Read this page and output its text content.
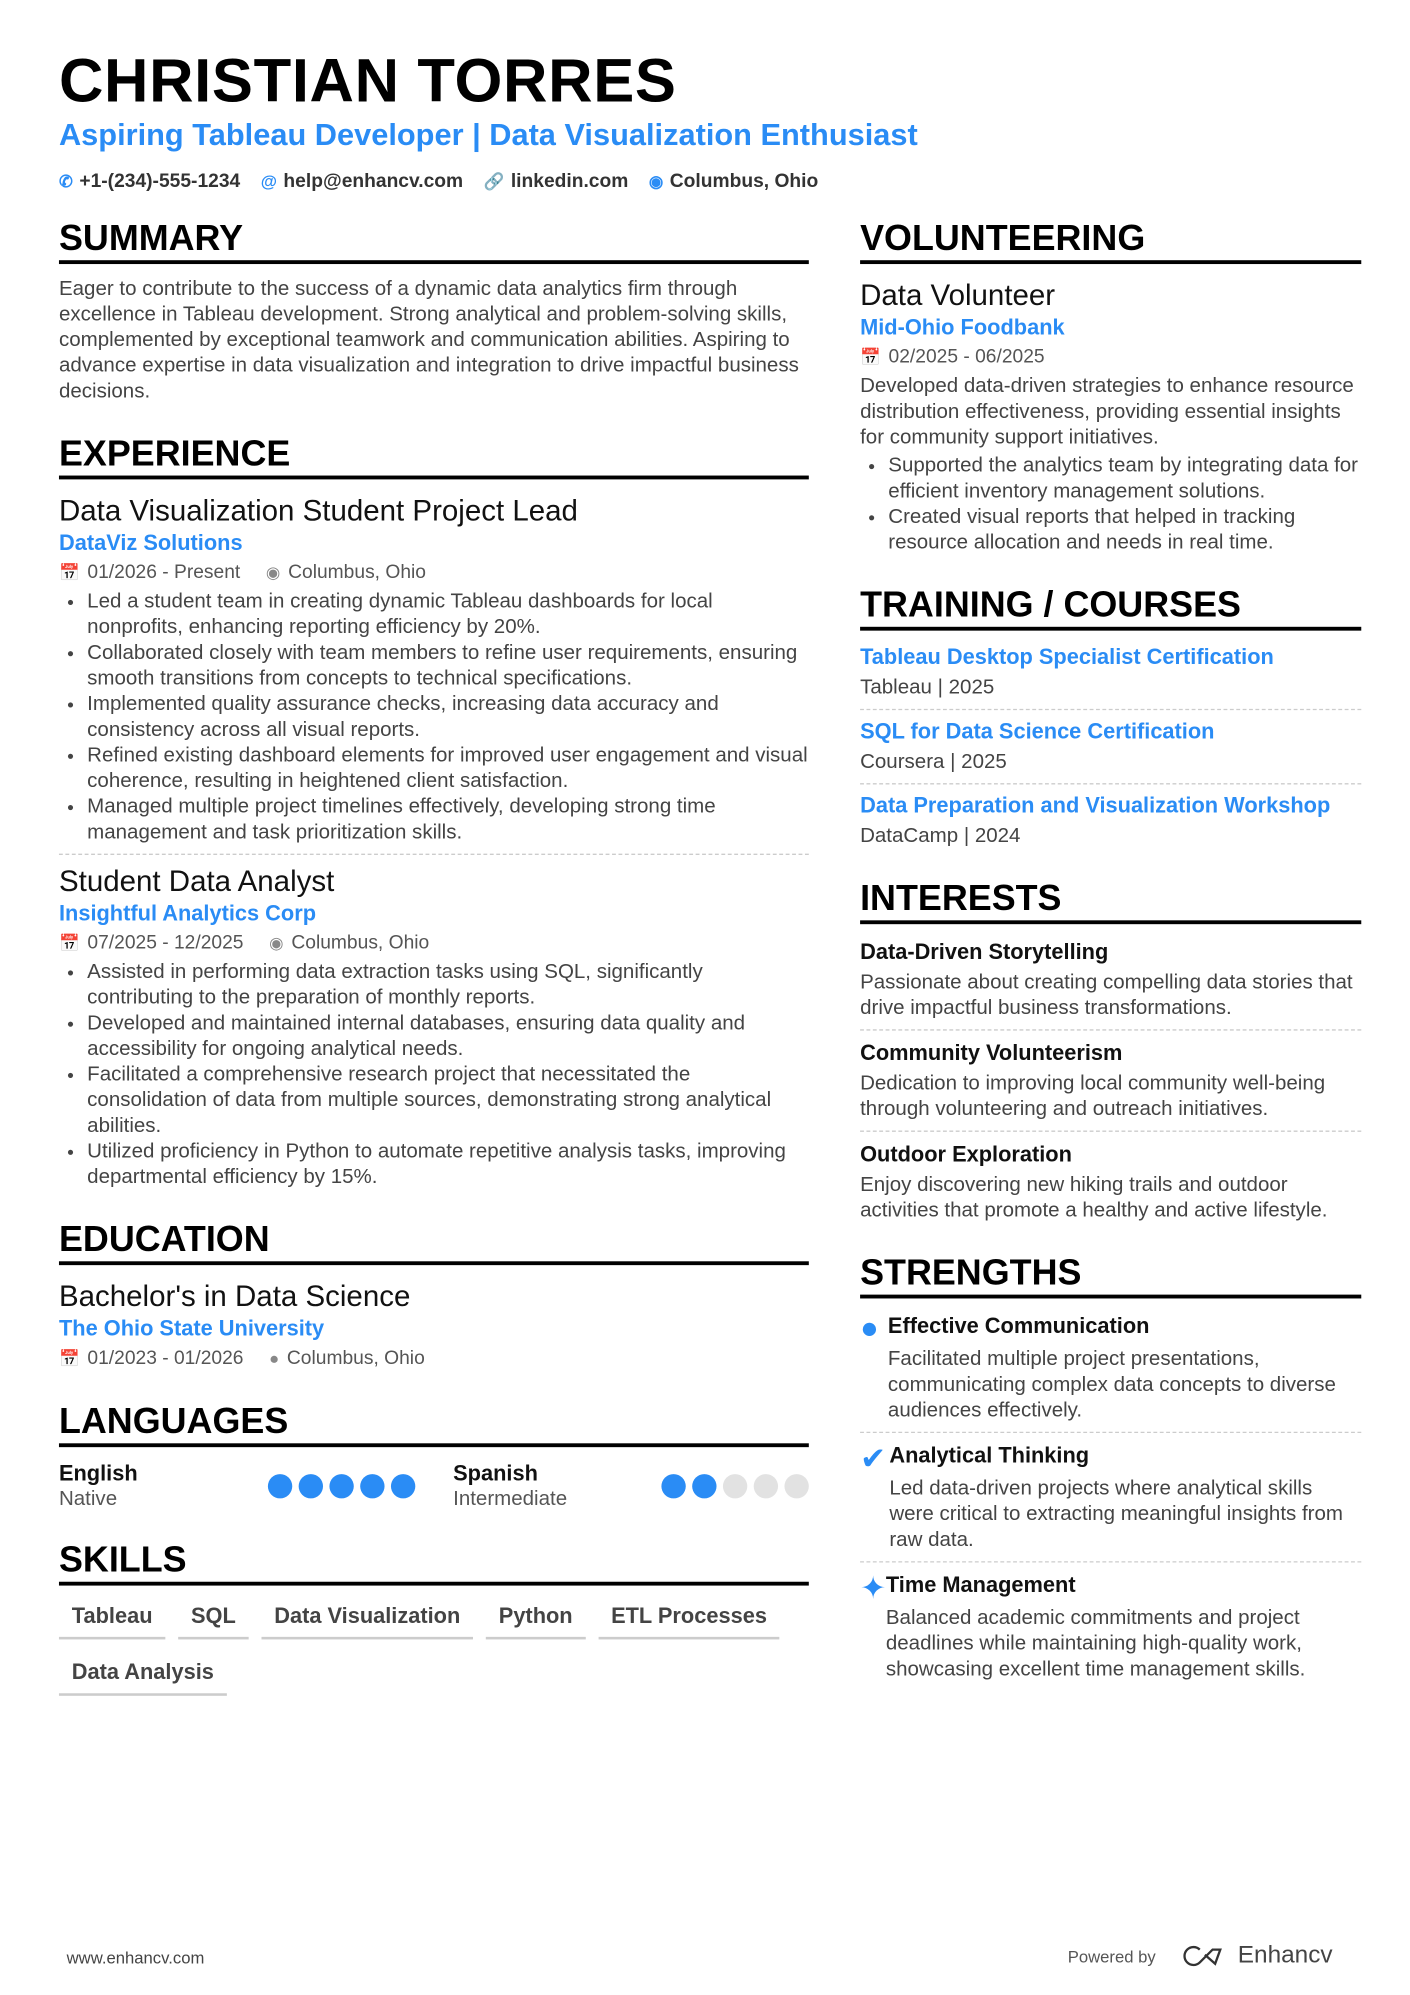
CHRISTIAN TORRES
Aspiring Tableau Developer | Data Visualization Enthusiast
✆ +1-(234)-555-1234 @ help@enhancv.com 🔗 linkedin.com ◉ Columbus, Ohio
SUMMARY
Eager to contribute to the success of a dynamic data analytics firm through excellence in Tableau development. Strong analytical and problem-solving skills, complemented by exceptional teamwork and communication abilities. Aspiring to advance expertise in data visualization and integration to drive impactful business decisions.
EXPERIENCE
Data Visualization Student Project Lead
DataViz Solutions
📅 01/2026 - Present ◉ Columbus, Ohio
• Led a student team in creating dynamic Tableau dashboards for local nonprofits, enhancing reporting efficiency by 20%.
• Collaborated closely with team members to refine user requirements, ensuring smooth transitions from concepts to technical specifications.
• Implemented quality assurance checks, increasing data accuracy and consistency across all visual reports.
• Refined existing dashboard elements for improved user engagement and visual coherence, resulting in heightened client satisfaction.
• Managed multiple project timelines effectively, developing strong time management and task prioritization skills.
Student Data Analyst
Insightful Analytics Corp
📅 07/2025 - 12/2025 ◉ Columbus, Ohio
• Assisted in performing data extraction tasks using SQL, significantly contributing to the preparation of monthly reports.
• Developed and maintained internal databases, ensuring data quality and accessibility for ongoing analytical needs.
• Facilitated a comprehensive research project that necessitated the consolidation of data from multiple sources, demonstrating strong analytical abilities.
• Utilized proficiency in Python to automate repetitive analysis tasks, improving departmental efficiency by 15%.
EDUCATION
Bachelor's in Data Science
The Ohio State University
📅 01/2023 - 01/2026 ● Columbus, Ohio
LANGUAGES
English
Native
Spanish
Intermediate
SKILLS
Tableau	SQL	Data Visualization	Python	ETL Processes
Data Analysis
VOLUNTEERING
Data Volunteer
Mid-Ohio Foodbank
📅 02/2025 - 06/2025
Developed data-driven strategies to enhance resource distribution effectiveness, providing essential insights for community support initiatives.
• Supported the analytics team by integrating data for efficient inventory management solutions.
• Created visual reports that helped in tracking resource allocation and needs in real time.
TRAINING / COURSES
Tableau Desktop Specialist Certification
Tableau | 2025
SQL for Data Science Certification
Coursera | 2025
Data Preparation and Visualization Workshop
DataCamp | 2024
INTERESTS
Data-Driven Storytelling
Passionate about creating compelling data stories that drive impactful business transformations.
Community Volunteerism
Dedication to improving local community well-being through volunteering and outreach initiatives.
Outdoor Exploration
Enjoy discovering new hiking trails and outdoor activities that promote a healthy and active lifestyle.
STRENGTHS
● Effective Communication
Facilitated multiple project presentations, communicating complex data concepts to diverse audiences effectively.
✔ Analytical Thinking
Led data-driven projects where analytical skills were critical to extracting meaningful insights from raw data.
✦ Time Management
Balanced academic commitments and project deadlines while maintaining high-quality work, showcasing excellent time management skills.
www.enhancv.com	Powered by	Enhancv
